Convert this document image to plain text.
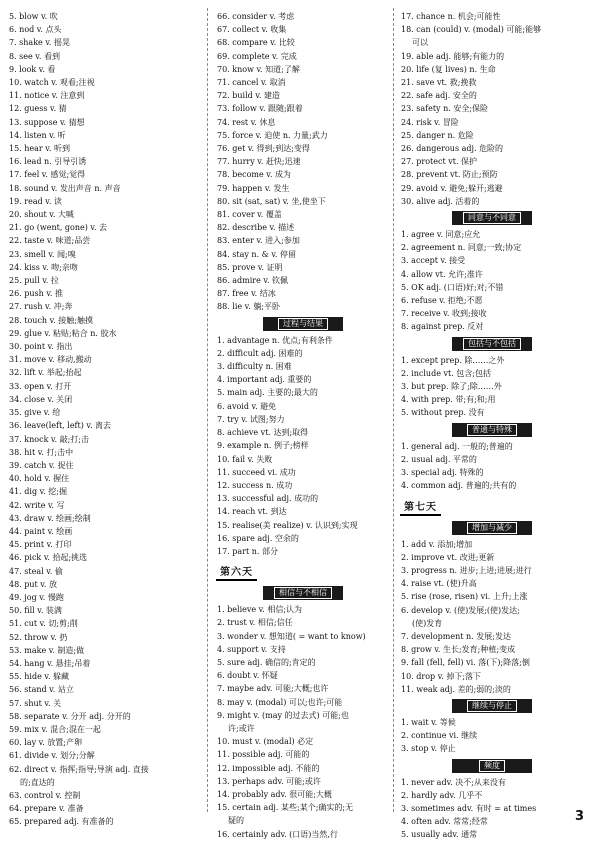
5. blow v. 吹
6. nod v. 点头
7. shake v. 摇晃
8. see v. 看到
9. look v. 看
10. watch v. 观看;注视
11. notice v. 注意到
12. guess v. 猜
13. suppose v. 猜想
14. listen v. 听
15. hear v. 听到
16. lead n. 引导引诱
17. feel v. 感觉;觉得
18. sound v. 发出声音 n. 声音
19. read v. 读
20. shout v. 大喊
21. go (went, gone) v. 去
22. taste v. 味道;品尝
23. smell v. 闻;嗅
24. kiss v. 吻;亲吻
25. pull v. 拉
26. push v. 推
27. rush v. 冲;奔
28. touch v. 接触;触摸
29. glue v. 粘贴;粘合 n. 胶水
30. point v. 指出
31. move v. 移动,搬动
32. lift v. 举起;抬起
33. open v. 打开
34. close v. 关闭
35. give v. 给
36. leave(left, left) v. 离去
37. knock v. 敲;打;击
38. hit v. 打;击中
39. catch v. 捉住
40. hold v. 握住
41. dig v. 挖;掘
42. write v. 写
43. draw v. 绘画;绘制
44. paint v. 绘画
45. print v. 打印
46. pick v. 拾起;挑选
47. steal v. 偷
48. put v. 放
49. jog v. 慢跑
50. fill v. 装满
51. cut v. 切;剪;削
52. throw v. 扔
53. make v. 制造;做
54. hang v. 悬挂;吊着
55. hide v. 躲藏
56. stand v. 站立
57. shut v. 关
58. separate v. 分开 adj. 分开的
59. mix v. 混合;混在一起
60. lay v. 放置;产卵
61. divide v. 划分;分解
62. direct v. 指挥;指导;导演 adj. 直接
的;直达的
63. control v. 控制
64. prepare v. 准备
65. prepared adj. 有准备的
66. consider v. 考虑
67. collect v. 收集
68. compare v. 比较
69. complete v. 完成
70. know v. 知道;了解
71. cancel v. 取消
72. build v. 建造
73. follow v. 跟随;跟着
74. rest v. 休息
75. force v. 迫使 n. 力量;武力
76. get v. 得到;到达;变得
77. hurry v. 赶快;迅速
78. become v. 成为
79. happen v. 发生
80. sit (sat, sat) v. 坐,使坐下
81. cover v. 覆盖
82. describe v. 描述
83. enter v. 进入;参加
84. stay n. & v. 停留
85. prove v. 证明
86. admire v. 钦佩
87. free v. 结冰
88. lie v. 躺;平卧
过程与结果
1. advantage n. 优点;有利条件
2. difficult adj. 困难的
3. difficulty n. 困难
4. important adj. 重要的
5. main adj. 主要的;最大的
6. avoid v. 避免
7. try v. 试图;努力
8. achieve vt. 达到;取得
9. example n. 例子;榜样
10. fail v. 失败
11. succeed vi. 成功
12. success n. 成功
13. successful adj. 成功的
14. reach vt. 到达
15. realise(美 realize) v. 认识到;实现
16. spare adj. 空余的
17. part n. 部分
第六天
相信与不相信
1. believe v. 相信;认为
2. trust v. 相信;信任
3. wonder v. 想知道( = want to know)
4. support v. 支持
5. sure adj. 确信的;肯定的
6. doubt v. 怀疑
7. maybe adv. 可能;大概;也许
8. may v. (modal) 可以;也许;可能
9. might v. (may 的过去式) 可能;也
许;或许
10. must v. (modal) 必定
11. possible adj. 可能的
12. impossible adj. 不能的
13. perhaps adv. 可能;或许
14. probably adv. 很可能;大概
15. certain adj. 某些;某个;确实的;无
疑的
16. certainly adv. (口语)当然,行
17. chance n. 机会;可能性
18. can (could) v. (modal) 可能;能够
可以
19. able adj. 能够;有能力的
20. life (复 lives) n. 生命
21. save vt. 救;挽救
22. safe adj. 安全的
23. safety n. 安全;保险
24. risk v. 冒险
25. danger n. 危险
26. dangerous adj. 危险的
27. protect vt. 保护
28. prevent vt. 防止;预防
29. avoid v. 避免;躲开;逃避
30. alive adj. 活着的
同意与不同意
1. agree v. 同意;应允
2. agreement n. 同意;一致;协定
3. accept v. 接受
4. allow vt. 允许;准许
5. OK adj. (口语)好;对;不错
6. refuse v. 拒绝;不愿
7. receive v. 收到;接收
8. against prep. 反对
包括与不包括
1. except prep. 除……之外
2. include vt. 包含;包括
3. but prep. 除了;除……外
4. with prep. 带;有;和;用
5. without prep. 没有
普通与特殊
1. general adj. 一般的;普遍的
2. usual adj. 平常的
3. special adj. 特殊的
4. common adj. 普遍的;共有的
第七天
增加与减少
1. add v. 添加;增加
2. improve vt. 改进;更新
3. progress n. 进步;上进;进展;进行
4. raise vt. (使)升高
5. rise (rose, risen) vi. 上升;上涨
6. develop v. (使)发展;(使)发达;
(使)发育
7. development n. 发展;发达
8. grow v. 生长;发育;种植;变成
9. fall (fell, fell) vi. 落(下);降落;倒
10. drop v. 掉下;落下
11. weak adj. 差的;弱的;淡的
继续与停止
1. wait v. 等候
2. continue vi. 继续
3. stop v. 停止
频度
1. never adv. 决不;从来没有
2. hardly adv. 几乎不
3. sometimes adv. 有时 = at times
4. often adv. 常常;经常
5. usually adv. 通常
3
